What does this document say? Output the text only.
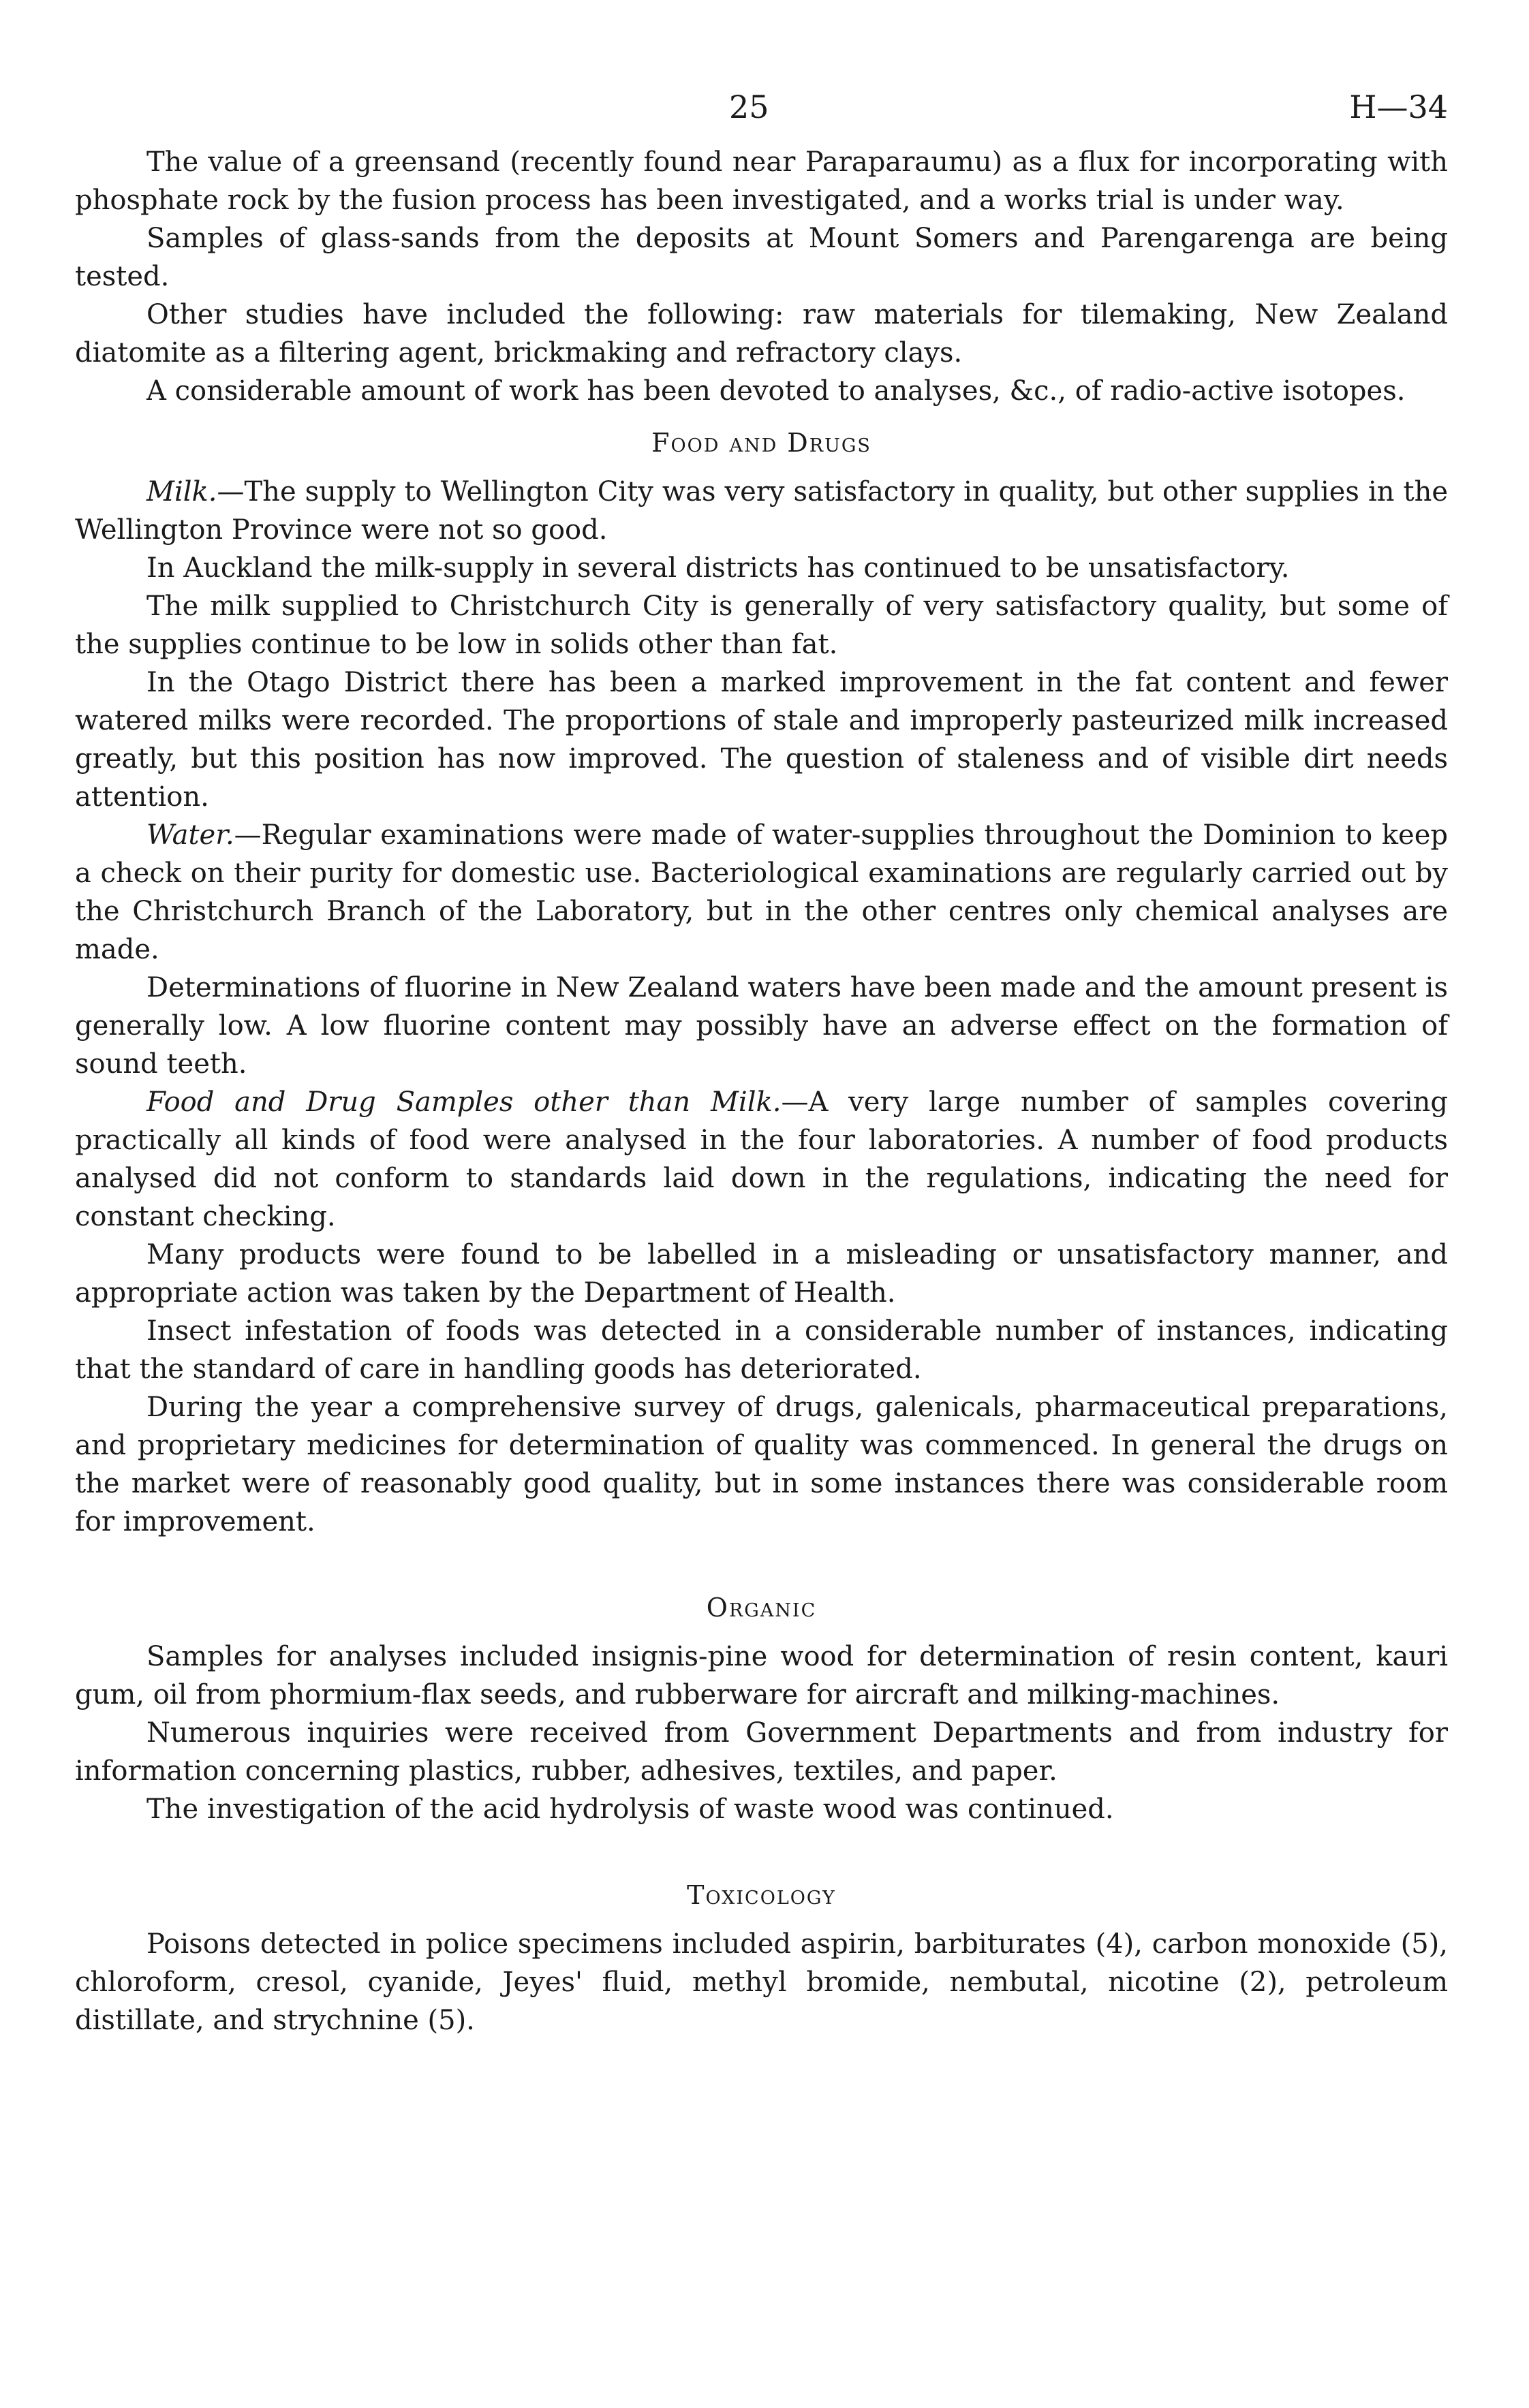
25	H—34

The value of a greensand (recently found near Paraparaumu) as a flux for incorporating with phosphate rock by the fusion process has been investigated, and a works trial is under way.

Samples of glass-sands from the deposits at Mount Somers and Parengarenga are being tested.

Other studies have included the following: raw materials for tilemaking, New Zealand diatomite as a filtering agent, brickmaking and refractory clays.

A considerable amount of work has been devoted to analyses, &c., of radio-active isotopes.

Food and Drugs

Milk.—The supply to Wellington City was very satisfactory in quality, but other supplies in the Wellington Province were not so good.

In Auckland the milk-supply in several districts has continued to be unsatisfactory.

The milk supplied to Christchurch City is generally of very satisfactory quality, but some of the supplies continue to be low in solids other than fat.

In the Otago District there has been a marked improvement in the fat content and fewer watered milks were recorded. The proportions of stale and improperly pasteurized milk increased greatly, but this position has now improved. The question of staleness and of visible dirt needs attention.

Water.—Regular examinations were made of water-supplies throughout the Dominion to keep a check on their purity for domestic use. Bacteriological examinations are regularly carried out by the Christchurch Branch of the Laboratory, but in the other centres only chemical analyses are made.

Determinations of fluorine in New Zealand waters have been made and the amount present is generally low. A low fluorine content may possibly have an adverse effect on the formation of sound teeth.

Food and Drug Samples other than Milk.—A very large number of samples covering practically all kinds of food were analysed in the four laboratories. A number of food products analysed did not conform to standards laid down in the regulations, indicating the need for constant checking.

Many products were found to be labelled in a misleading or unsatisfactory manner, and appropriate action was taken by the Department of Health.

Insect infestation of foods was detected in a considerable number of instances, indicating that the standard of care in handling goods has deteriorated.

During the year a comprehensive survey of drugs, galenicals, pharmaceutical preparations, and proprietary medicines for determination of quality was commenced. In general the drugs on the market were of reasonably good quality, but in some instances there was considerable room for improvement.

Organic

Samples for analyses included insignis-pine wood for determination of resin content, kauri gum, oil from phormium-flax seeds, and rubberware for aircraft and milking-machines.

Numerous inquiries were received from Government Departments and from industry for information concerning plastics, rubber, adhesives, textiles, and paper.

The investigation of the acid hydrolysis of waste wood was continued.

Toxicology

Poisons detected in police specimens included aspirin, barbiturates (4), carbon monoxide (5), chloroform, cresol, cyanide, Jeyes' fluid, methyl bromide, nembutal, nicotine (2), petroleum distillate, and strychnine (5).
